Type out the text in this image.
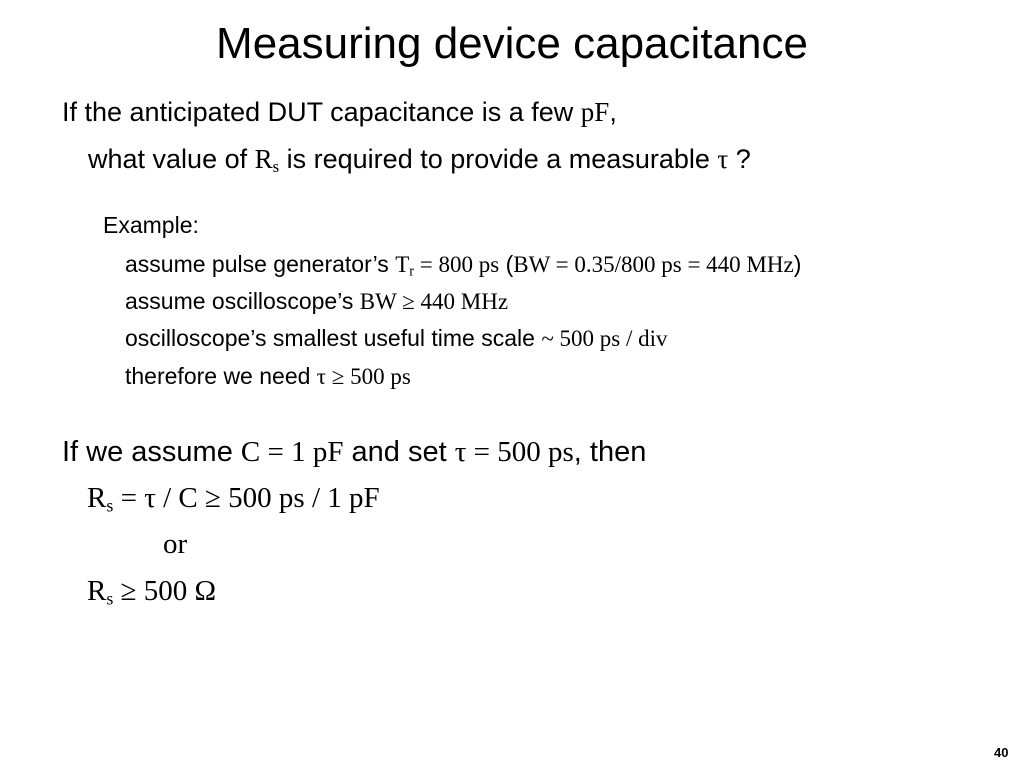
Measuring device capacitance
If the anticipated DUT capacitance is a few pF,
what value of $R_s$ is required to provide a measurable τ ?
Example:
assume pulse generator’s $T_r = 800$ ps (BW = 0.35/800 ps = 440 MHz)
assume oscilloscope’s BW ≥ 440 MHz
oscilloscope’s smallest useful time scale ~ 500 ps / div
therefore we need τ ≥ 500 ps
If we assume C = 1 pF and set τ = 500 ps, then
$R_s = \tau / C \ge 500$ ps / 1 pF
or
$R_s \ge 500$ Ω
40
